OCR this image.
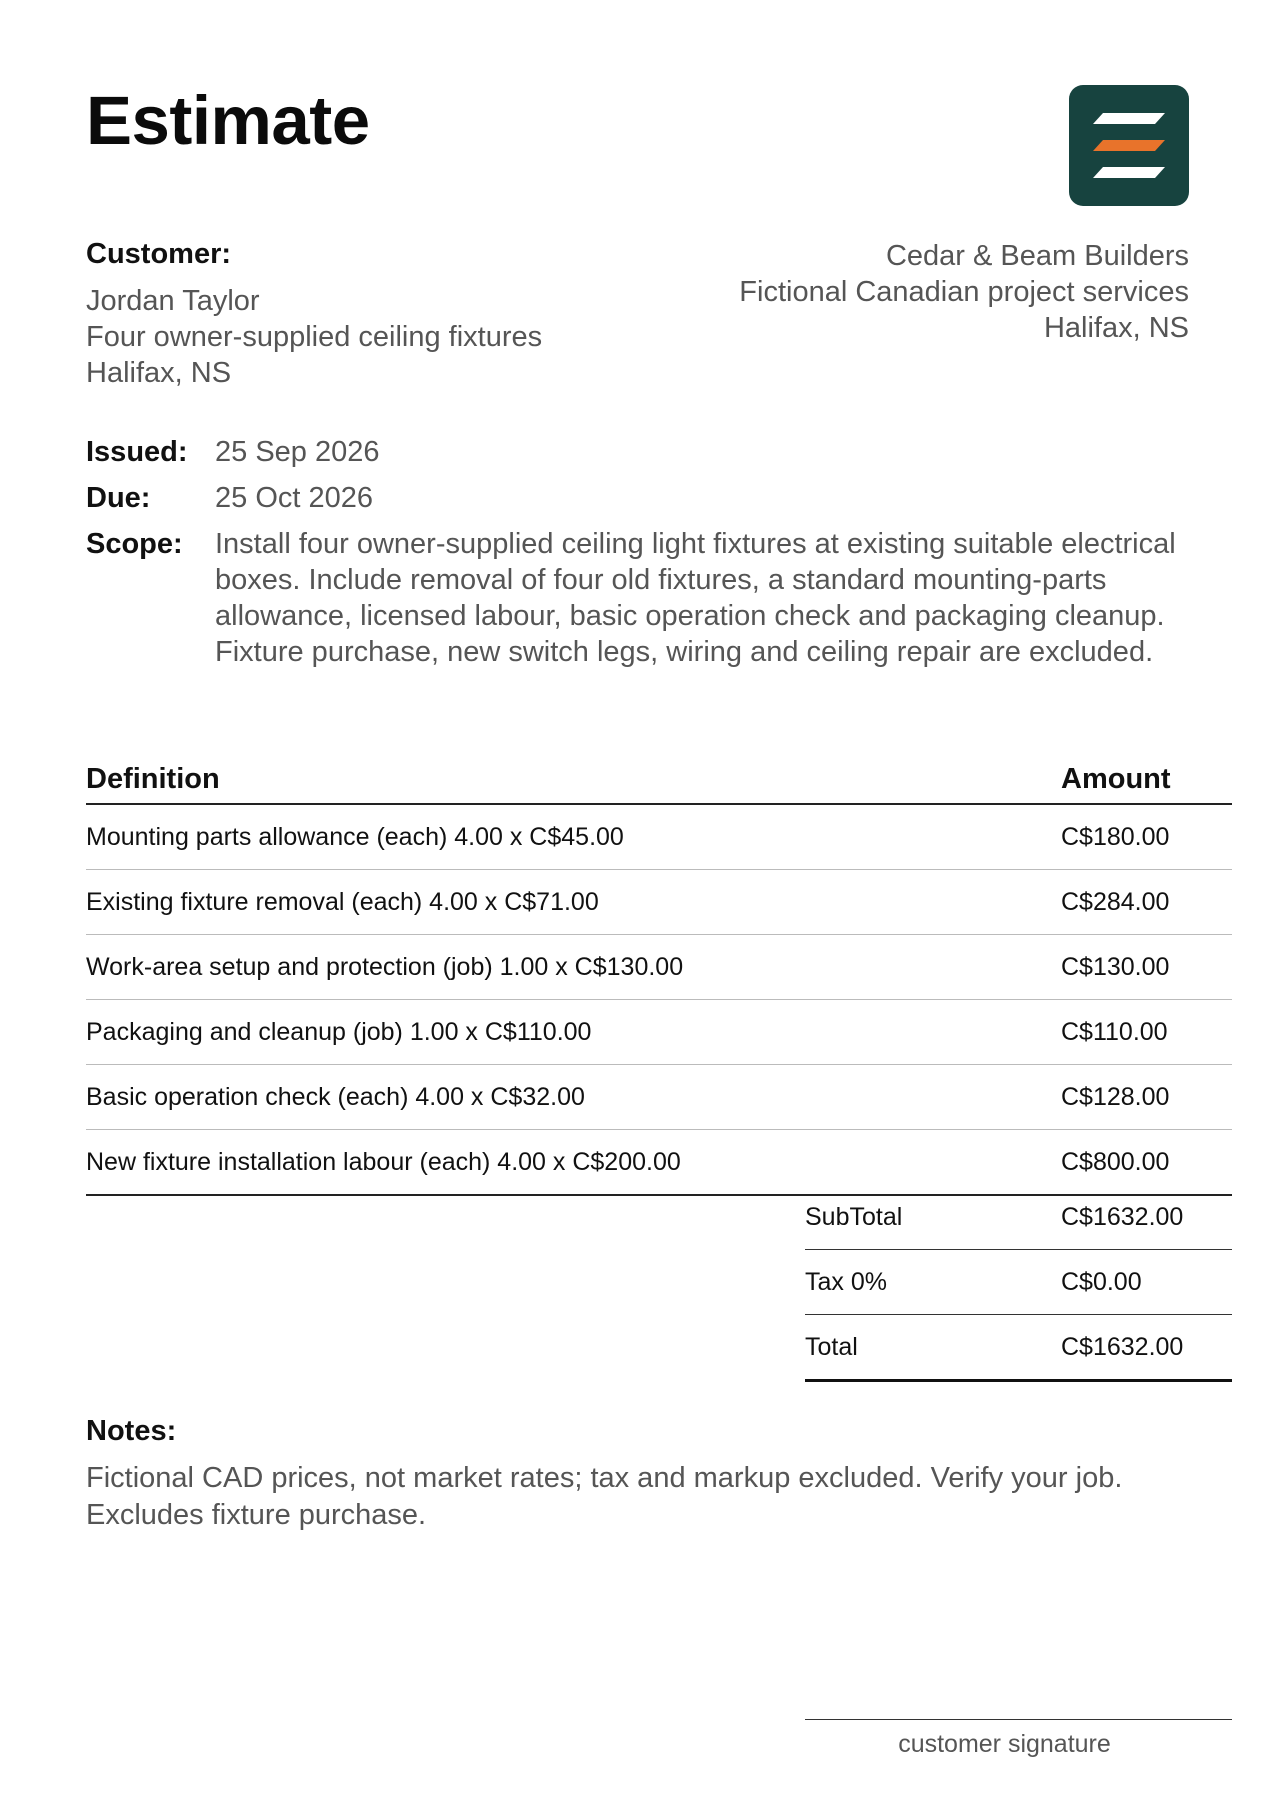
Estimate
Customer:
Jordan Taylor
Four owner-supplied ceiling fixtures
Halifax, NS
Cedar & Beam Builders
Fictional Canadian project services
Halifax, NS
Issued: 25 Sep 2026
Due:	25 Oct 2026
Scope:	Install four owner-supplied ceiling light fixtures at existing suitable electrical boxes. Include removal of four old fixtures, a standard mounting-parts allowance, licensed labour, basic operation check and packaging cleanup. Fixture purchase, new switch legs, wiring and ceiling repair are excluded.
Definition	Amount
Mounting parts allowance (each) 4.00 x C$45.00	C$180.00
Existing fixture removal (each) 4.00 x C$71.00	C$284.00
Work-area setup and protection (job) 1.00 x C$130.00	C$130.00
Packaging and cleanup (job) 1.00 x C$110.00	C$110.00
Basic operation check (each) 4.00 x C$32.00	C$128.00
New fixture installation labour (each) 4.00 x C$200.00	C$800.00
SubTotal	C$1632.00
Tax 0%	C$0.00
Total	C$1632.00
Notes:
Fictional CAD prices, not market rates; tax and markup excluded. Verify your job. Excludes fixture purchase.
customer signature
